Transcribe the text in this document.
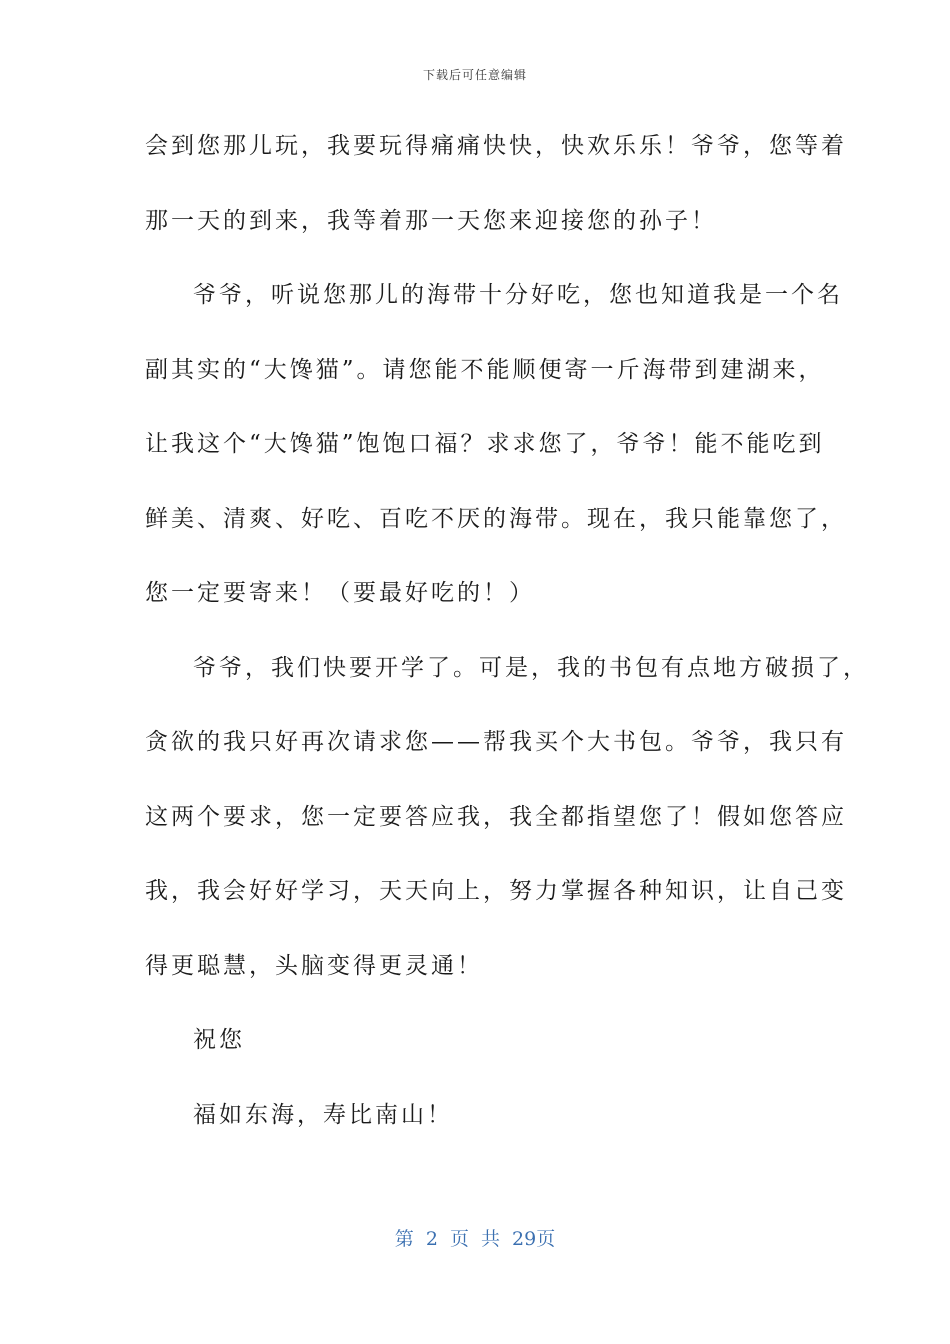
下载后可任意编辑
会到您那儿玩，我要玩得痛痛快快，快欢乐乐！爷爷，您等着
那一天的到来，我等着那一天您来迎接您的孙子！
爷爷，听说您那儿的海带十分好吃，您也知道我是一个名
副其实的“大馋猫”。请您能不能顺便寄一斤海带到建湖来，
让我这个“大馋猫”饱饱口福？求求您了，爷爷！能不能吃到
鲜美、清爽、好吃、百吃不厌的海带。现在，我只能靠您了，
您一定要寄来！（要最好吃的！）
爷爷，我们快要开学了。可是，我的书包有点地方破损了，
贪欲的我只好再次请求您——帮我买个大书包。爷爷，我只有
这两个要求，您一定要答应我，我全都指望您了！假如您答应
我，我会好好学习，天天向上，努力掌握各种知识，让自己变
得更聪慧，头脑变得更灵通！
祝您
福如东海，寿比南山！
第 2 页 共 29页
